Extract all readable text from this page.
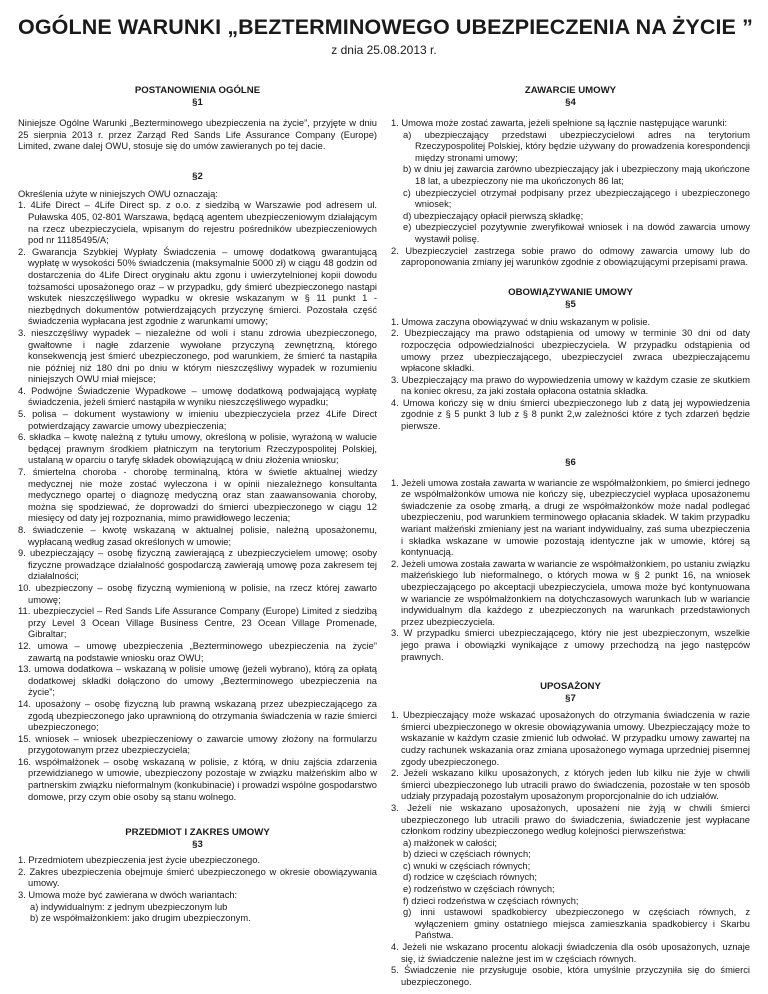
OGÓLNE WARUNKI „BEZTERMINOWEGO UBEZPIECZENIA NA ŻYCIE ”
z dnia 25.08.2013 r.
POSTANOWIENIA OGÓLNE
§1
Niniejsze Ogólne Warunki „Bezterminowego ubezpieczenia na życie”, przyjęte w dniu 25 sierpnia 2013 r. przez Zarząd Red Sands Life Assurance Company (Europe) Limited, zwane dalej OWU, stosuje się do umów zawieranych po tej dacie.
§2
Określenia użyte w niniejszych OWU oznaczają:
1. 4Life Direct – 4Life Direct sp. z o.o. z siedzibą w Warszawie pod adresem ul. Puławska 405, 02-801 Warszawa, będącą agentem ubezpieczeniowym działającym na rzecz ubezpieczyciela, wpisanym do rejestru pośredników ubezpieczeniowych pod nr 11185495/A;
2. Gwarancja Szybkiej Wypłaty Świadczenia – umowę dodatkową gwarantującą wypłatę w wysokości 50% świadczenia (maksymalnie 5000 zł) w ciągu 48 godzin od dostarczenia do 4Life Direct oryginału aktu zgonu i uwierzytelnionej kopii dowodu tożsamości uposażonego oraz – w przypadku, gdy śmierć ubezpieczonego nastąpi wskutek nieszczęśliwego wypadku w okresie wskazanym w § 11 punkt 1 - niezbędnych dokumentów potwierdzających przyczynę śmierci. Pozostała część świadczenia wypłacana jest zgodnie z warunkami umowy;
3. nieszczęśliwy wypadek – niezależne od woli i stanu zdrowia ubezpieczonego, gwałtowne i nagłe zdarzenie wywołane przyczyną zewnętrzną, którego konsekwencją jest śmierć ubezpieczonego, pod warunkiem, że śmierć ta nastąpiła nie później niż 180 dni po dniu w którym nieszczęśliwy wypadek w rozumieniu niniejszych OWU miał miejsce;
4. Podwójne Świadczenie Wypadkowe – umowę dodatkową podwajającą wypłatę świadczenia, jeżeli śmierć nastąpiła w wyniku nieszczęśliwego wypadku;
5. polisa – dokument wystawiony w imieniu ubezpieczyciela przez 4Life Direct potwierdzający zawarcie umowy ubezpieczenia;
6. składka – kwotę należną z tytułu umowy, określoną w polisie, wyrażoną w walucie będącej prawnym środkiem płatniczym na terytorium Rzeczypospolitej Polskiej, ustalaną w oparciu o taryfę składek obowiązującą w dniu złożenia wniosku;
7. śmiertelna choroba - chorobę terminalną, która w świetle aktualnej wiedzy medycznej nie może zostać wyleczona i w opinii niezależnego konsultanta medycznego opartej o diagnozę medyczną oraz stan zaawansowania choroby, można się spodziewać, że doprowadzi do śmierci ubezpieczonego w ciągu 12 miesięcy od daty jej rozpoznania, mimo prawidłowego leczenia;
8. świadczenie – kwotę wskazaną w aktualnej polisie, należną uposażonemu, wypłacaną według zasad określonych w umowie;
9. ubezpieczający – osobę fizyczną zawierającą z ubezpieczycielem umowę; osoby fizyczne prowadzące działalność gospodarczą zawierają umowę poza zakresem tej działalności;
10. ubezpieczony – osobę fizyczną wymienioną w polisie, na rzecz której zawarto umowę;
11. ubezpieczyciel – Red Sands Life Assurance Company (Europe) Limited z siedzibą przy Level 3 Ocean Village Business Centre, 23 Ocean Village Promenade, Gibraltar;
12. umowa – umowę ubezpieczenia „Bezterminowego ubezpieczenia na życie” zawartą na podstawie wniosku oraz OWU;
13. umowa dodatkowa – wskazaną w polisie umowę (jeżeli wybrano), którą za opłatą dodatkowej składki dołączono do umowy „Bezterminowego ubezpieczenia na życie”;
14. uposażony – osobę fizyczną lub prawną wskazaną przez ubezpieczającego za zgodą ubezpieczonego jako uprawnioną do otrzymania świadczenia w razie śmierci ubezpieczonego;
15. wniosek – wniosek ubezpieczeniowy o zawarcie umowy złożony na formularzu przygotowanym przez ubezpieczyciela;
16. współmałżonek – osobę wskazaną w polisie, z którą, w dniu zajścia zdarzenia przewidzianego w umowie, ubezpieczony pozostaje w związku małżeńskim albo w partnerskim związku nieformalnym (konkubinacie) i prowadzi wspólne gospodarstwo domowe, przy czym obie osoby są stanu wolnego.
PRZEDMIOT I ZAKRES UMOWY
§3
1. Przedmiotem ubezpieczenia jest życie ubezpieczonego.
2. Zakres ubezpieczenia obejmuje śmierć ubezpieczonego w okresie obowiązywania umowy.
3. Umowa może być zawierana w dwóch wariantach:
a) indywidualnym: z jednym ubezpieczonym lub
b) ze współmałżonkiem: jako drugim ubezpieczonym.
ZAWARCIE UMOWY
§4
1. Umowa może zostać zawarta, jeżeli spełnione są łącznie następujące warunki:
a) ubezpieczający przedstawi ubezpieczycielowi adres na terytorium Rzeczypospolitej Polskiej, który będzie używany do prowadzenia korespondencji między stronami umowy;
b) w dniu jej zawarcia zarówno ubezpieczający jak i ubezpieczony mają ukończone 18 lat, a ubezpieczony nie ma ukończonych 86 lat;
c) ubezpieczyciel otrzymał podpisany przez ubezpieczającego i ubezpieczonego wniosek;
d) ubezpieczający opłacił pierwszą składkę;
e) ubezpieczyciel pozytywnie zweryfikował wniosek i na dowód zawarcia umowy wystawił polisę.
2. Ubezpieczyciel zastrzega sobie prawo do odmowy zawarcia umowy lub do zaproponowania zmiany jej warunków zgodnie z obowiązującymi przepisami prawa.
OBOWIĄZYWANIE UMOWY
§5
1. Umowa zaczyna obowiązywać w dniu wskazanym w polisie.
2. Ubezpieczający ma prawo odstąpienia od umowy w terminie 30 dni od daty rozpoczęcia odpowiedzialności ubezpieczyciela. W przypadku odstąpienia od umowy przez ubezpieczającego, ubezpieczyciel zwraca ubezpieczającemu wpłacone składki.
3. Ubezpieczający ma prawo do wypowiedzenia umowy w każdym czasie ze skutkiem na koniec okresu, za jaki została opłacona ostatnia składka.
4. Umowa kończy się w dniu śmierci ubezpieczonego lub z datą jej wypowiedzenia zgodnie z § 5 punkt 3 lub z § 8 punkt 2,w zależności które z tych zdarzeń będzie pierwsze.
§6
1. Jeżeli umowa została zawarta w wariancie ze współmałżonkiem, po śmierci jednego ze współmałżonków umowa nie kończy się, ubezpieczyciel wypłaca uposażonemu świadczenie za osobę zmarłą, a drugi ze współmałżonków może nadal podlegać ubezpieczeniu, pod warunkiem terminowego opłacania składek. W takim przypadku wariant małżeński zmieniany jest na wariant indywidualny, zaś suma ubezpieczenia i składka wskazane w umowie pozostają identyczne jak w umowie, której są kontynuacją.
2. Jeżeli umowa została zawarta w wariancie ze współmałżonkiem, po ustaniu związku małżeńskiego lub nieformalnego, o których mowa w § 2 punkt 16, na wniosek ubezpieczającego po akceptacji ubezpieczyciela, umowa może być kontynuowana w wariancie ze współmałżonkiem na dotychczasowych warunkach lub w wariancie indywidualnym dla każdego z ubezpieczonych na warunkach przedstawionych przez ubezpieczyciela.
3. W przypadku śmierci ubezpieczającego, który nie jest ubezpieczonym, wszelkie jego prawa i obowiązki wynikające z umowy przechodzą na jego następców prawnych.
UPOSAŻONY
§7
1. Ubezpieczający może wskazać uposażonych do otrzymania świadczenia w razie śmierci ubezpieczonego w okresie obowiązywania umowy. Ubezpieczający może to wskazanie w każdym czasie zmienić lub odwołać. W przypadku umowy zawartej na cudzy rachunek wskazania oraz zmiana uposażonego wymaga uprzedniej pisemnej zgody ubezpieczonego.
2. Jeżeli wskazano kilku uposażonych, z których jeden lub kilku nie żyje w chwili śmierci ubezpieczonego lub utracili prawo do świadczenia, pozostałe w ten sposób udziały przypadają pozostałym uposażonym proporcjonalnie do ich udziałów.
3. Jeżeli nie wskazano uposażonych, uposażeni nie żyją w chwili śmierci ubezpieczonego lub utracili prawo do świadczenia, świadczenie jest wypłacane członkom rodziny ubezpieczonego według kolejności pierwszeństwa:
a) małżonek w całości;
b) dzieci w częściach równych;
c) wnuki w częściach równych;
d) rodzice w częściach równych;
e) rodzeństwo w częściach równych;
f) dzieci rodzeństwa w częściach równych;
g) inni ustawowi spadkobiercy ubezpieczonego w częściach równych, z wyłączeniem gminy ostatniego miejsca zamieszkania spadkobiercy i Skarbu Państwa.
4. Jeżeli nie wskazano procentu alokacji świadczenia dla osób uposażonych, uznaje się, iż świadczenie należne jest im w częściach równych.
5. Świadczenie nie przysługuje osobie, która umyślnie przyczyniła się do śmierci ubezpieczonego.
